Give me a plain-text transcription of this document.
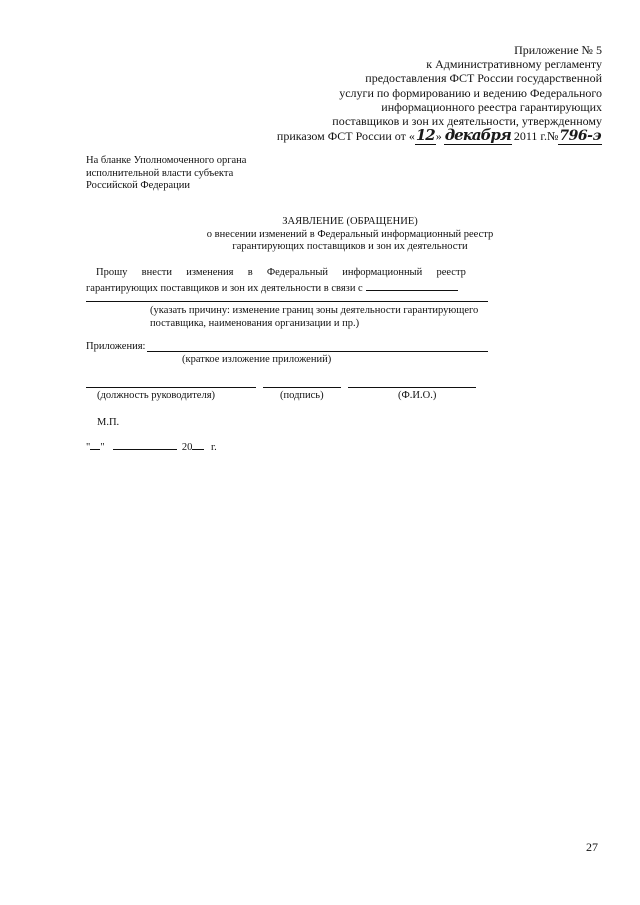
Приложение № 5
к Административному регламенту
предоставления ФСТ России государственной
услуги по формированию и ведению Федерального
информационного реестра гарантирующих
поставщиков и зон их деятельности, утвержденному
приказом ФСТ России от «12» декабря 2011 г.№796-э
На бланке Уполномоченного органа
исполнительной власти субъекта
Российской Федерации
ЗАЯВЛЕНИЕ (ОБРАЩЕНИЕ)
о внесении изменений в Федеральный информационный реестр
гарантирующих поставщиков и зон их деятельности
Прошу внести изменения в Федеральный информационный реестр
гарантирующих поставщиков и зон их деятельности в связи с
(указать причину: изменение границ зоны деятельности гарантирующего
поставщика, наименования организации и пр.)
Приложения:
(краткое изложение приложений)
(должность руководителя)	(подпись)	(Ф.И.О.)
М.П.
" "	20 г.
27
